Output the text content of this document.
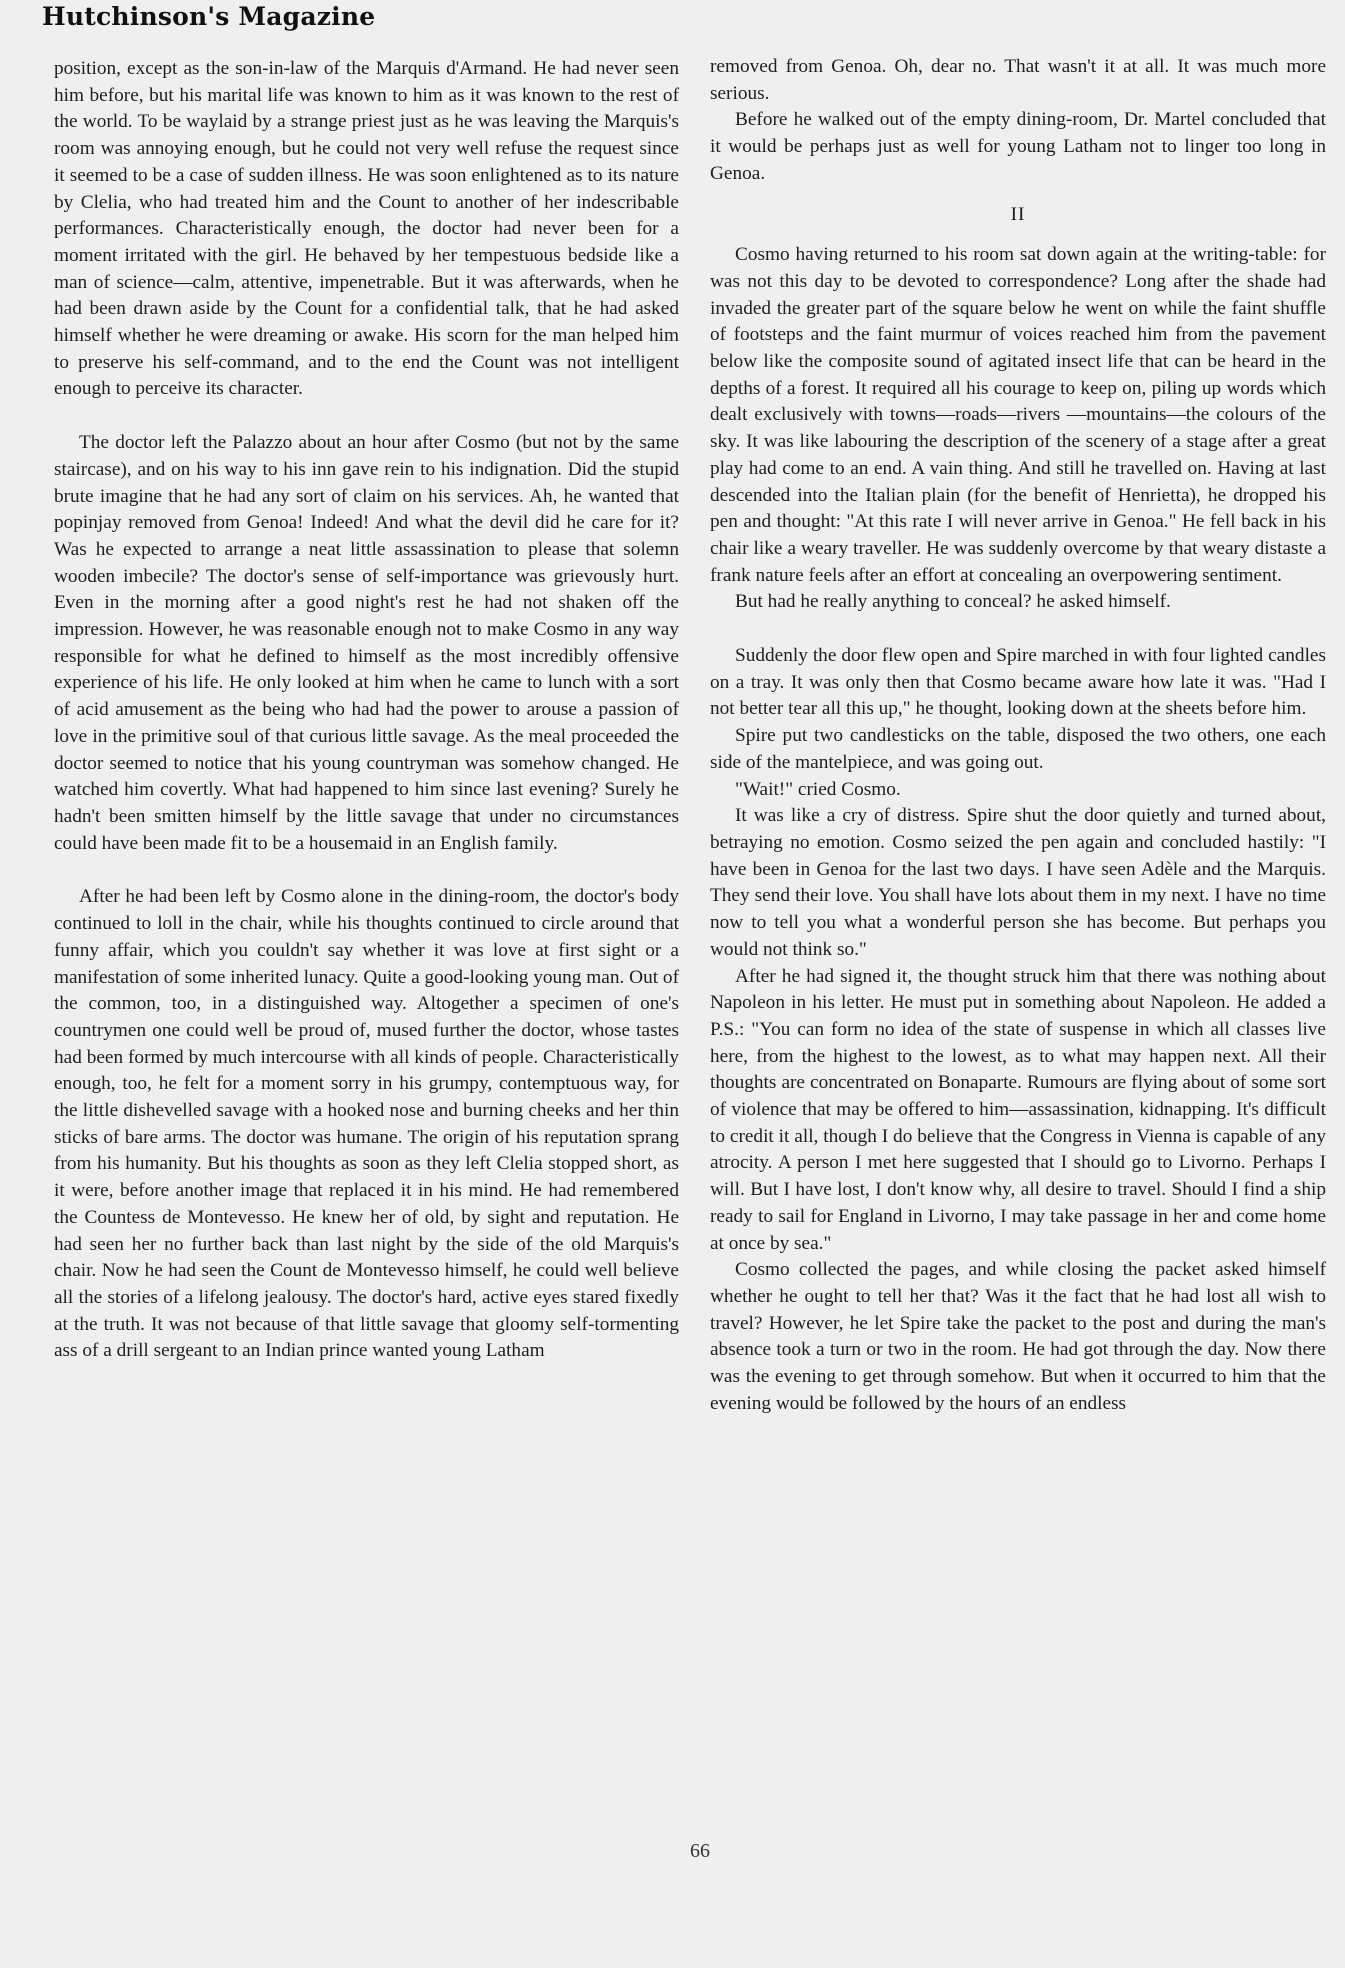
Hutchinson's Magazine

position, except as the son-in-law of the Marquis d'Armand. He had never seen him before, but his marital life was known to him as it was known to the rest of the world. To be waylaid by a strange priest just as he was leaving the Marquis's room was annoying enough, but he could not very well refuse the request since it seemed to be a case of sudden illness. He was soon enlightened as to its nature by Clelia, who had treated him and the Count to another of her indescribable performances. Characteristically enough, the doctor had never been for a moment irritated with the girl. He behaved by her tempestuous bedside like a man of science—calm, attentive, impenetrable. But it was afterwards, when he had been drawn aside by the Count for a confidential talk, that he had asked himself whether he were dreaming or awake. His scorn for the man helped him to preserve his self-command, and to the end the Count was not intelligent enough to perceive its character.

The doctor left the Palazzo about an hour after Cosmo (but not by the same staircase), and on his way to his inn gave rein to his indignation. Did the stupid brute imagine that he had any sort of claim on his services. Ah, he wanted that popinjay removed from Genoa! Indeed! And what the devil did he care for it? Was he expected to arrange a neat little assassination to please that solemn wooden imbecile? The doctor's sense of self-importance was grievously hurt. Even in the morning after a good night's rest he had not shaken off the impression. However, he was reasonable enough not to make Cosmo in any way responsible for what he defined to himself as the most incredibly offensive experience of his life. He only looked at him when he came to lunch with a sort of acid amusement as the being who had had the power to arouse a passion of love in the primitive soul of that curious little savage. As the meal proceeded the doctor seemed to notice that his young countryman was somehow changed. He watched him covertly. What had happened to him since last evening? Surely he hadn't been smitten himself by the little savage that under no circumstances could have been made fit to be a housemaid in an English family.

After he had been left by Cosmo alone in the dining-room, the doctor's body continued to loll in the chair, while his thoughts continued to circle around that funny affair, which you couldn't say whether it was love at first sight or a manifestation of some inherited lunacy. Quite a good-looking young man. Out of the common, too, in a distinguished way. Altogether a specimen of one's countrymen one could well be proud of, mused further the doctor, whose tastes had been formed by much intercourse with all kinds of people. Characteristically enough, too, he felt for a moment sorry in his grumpy, contemptuous way, for the little dishevelled savage with a hooked nose and burning cheeks and her thin sticks of bare arms. The doctor was humane. The origin of his reputation sprang from his humanity. But his thoughts as soon as they left Clelia stopped short, as it were, before another image that replaced it in his mind. He had remembered the Countess de Montevesso. He knew her of old, by sight and reputation. He had seen her no further back than last night by the side of the old Marquis's chair. Now he had seen the Count de Montevesso himself, he could well believe all the stories of a lifelong jealousy. The doctor's hard, active eyes stared fixedly at the truth. It was not because of that little savage that gloomy self-tormenting ass of a drill sergeant to an Indian prince wanted young Latham

removed from Genoa. Oh, dear no. That wasn't it at all. It was much more serious.

Before he walked out of the empty dining-room, Dr. Martel concluded that it would be perhaps just as well for young Latham not to linger too long in Genoa.

II

Cosmo having returned to his room sat down again at the writing-table: for was not this day to be devoted to correspondence? Long after the shade had invaded the greater part of the square below he went on while the faint shuffle of footsteps and the faint murmur of voices reached him from the pavement below like the composite sound of agitated insect life that can be heard in the depths of a forest. It required all his courage to keep on, piling up words which dealt exclusively with towns—roads—rivers —mountains—the colours of the sky. It was like labouring the description of the scenery of a stage after a great play had come to an end. A vain thing. And still he travelled on. Having at last descended into the Italian plain (for the benefit of Henrietta), he dropped his pen and thought: "At this rate I will never arrive in Genoa." He fell back in his chair like a weary traveller. He was suddenly overcome by that weary distaste a frank nature feels after an effort at concealing an overpowering sentiment.

But had he really anything to conceal? he asked himself.

Suddenly the door flew open and Spire marched in with four lighted candles on a tray. It was only then that Cosmo became aware how late it was. "Had I not better tear all this up," he thought, looking down at the sheets before him.

Spire put two candlesticks on the table, disposed the two others, one each side of the mantelpiece, and was going out.

"Wait!" cried Cosmo.

It was like a cry of distress. Spire shut the door quietly and turned about, betraying no emotion. Cosmo seized the pen again and concluded hastily: "I have been in Genoa for the last two days. I have seen Adèle and the Marquis. They send their love. You shall have lots about them in my next. I have no time now to tell you what a wonderful person she has become. But perhaps you would not think so."

After he had signed it, the thought struck him that there was nothing about Napoleon in his letter. He must put in something about Napoleon. He added a P.S.: "You can form no idea of the state of suspense in which all classes live here, from the highest to the lowest, as to what may happen next. All their thoughts are concentrated on Bonaparte. Rumours are flying about of some sort of violence that may be offered to him—assassination, kidnapping. It's difficult to credit it all, though I do believe that the Congress in Vienna is capable of any atrocity. A person I met here suggested that I should go to Livorno. Perhaps I will. But I have lost, I don't know why, all desire to travel. Should I find a ship ready to sail for England in Livorno, I may take passage in her and come home at once by sea."

Cosmo collected the pages, and while closing the packet asked himself whether he ought to tell her that? Was it the fact that he had lost all wish to travel? However, he let Spire take the packet to the post and during the man's absence took a turn or two in the room. He had got through the day. Now there was the evening to get through somehow. But when it occurred to him that the evening would be followed by the hours of an endless

66
